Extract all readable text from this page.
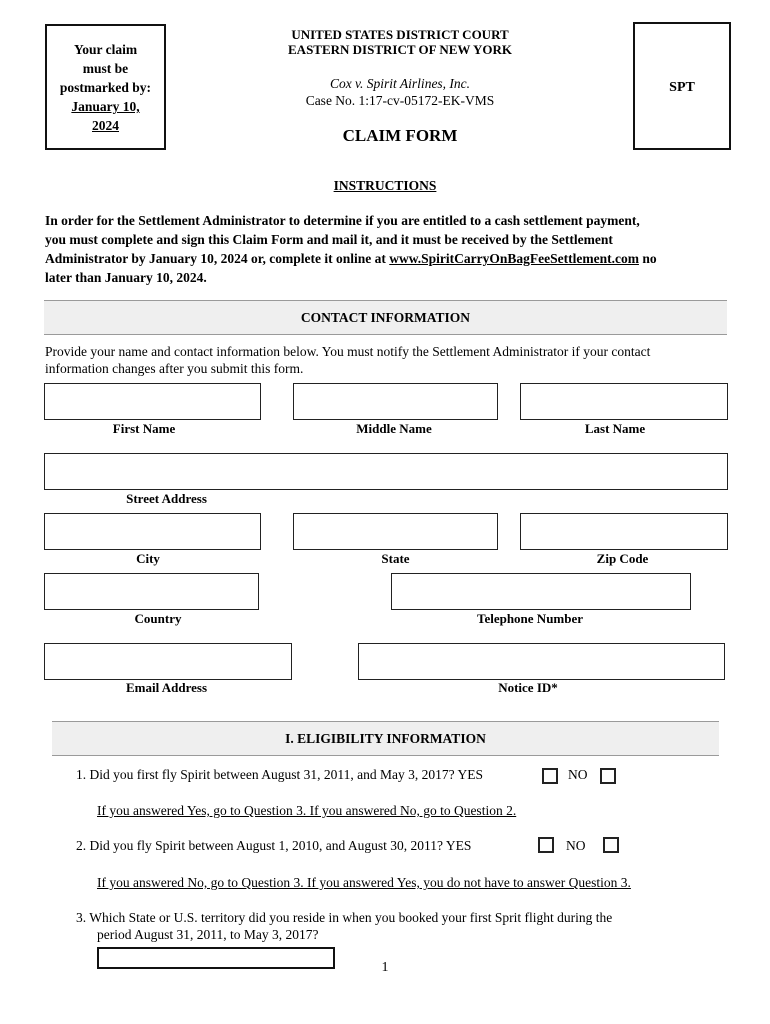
Your claim
must be
postmarked by:
January 10,
2024
UNITED STATES DISTRICT COURT
EASTERN DISTRICT OF NEW YORK
Cox v. Spirit Airlines, Inc.
Case No. 1:17-cv-05172-EK-VMS
CLAIM FORM
SPT
INSTRUCTIONS
In order for the Settlement Administrator to determine if you are entitled to a cash settlement payment,
you must complete and sign this Claim Form and mail it, and it must be received by the Settlement
Administrator by January 10, 2024 or, complete it online at www.SpiritCarryOnBagFeeSettlement.com no
later than January 10, 2024.
CONTACT INFORMATION
Provide your name and contact information below. You must notify the Settlement Administrator if your contact
information changes after you submit this form.
First Name	Middle Name	Last Name
Street Address
City	State	Zip Code
Country	Telephone Number
Email Address	Notice ID*
I. ELIGIBILITY INFORMATION
1. Did you first fly Spirit between August 31, 2011, and May 3, 2017? YES	NO
If you answered Yes, go to Question 3. If you answered No, go to Question 2.
2. Did you fly Spirit between August 1, 2010, and August 30, 2011? YES	NO
If you answered No, go to Question 3. If you answered Yes, you do not have to answer Question 3.
3. Which State or U.S. territory did you reside in when you booked your first Sprit flight during the
period August 31, 2011, to May 3, 2017?
1
